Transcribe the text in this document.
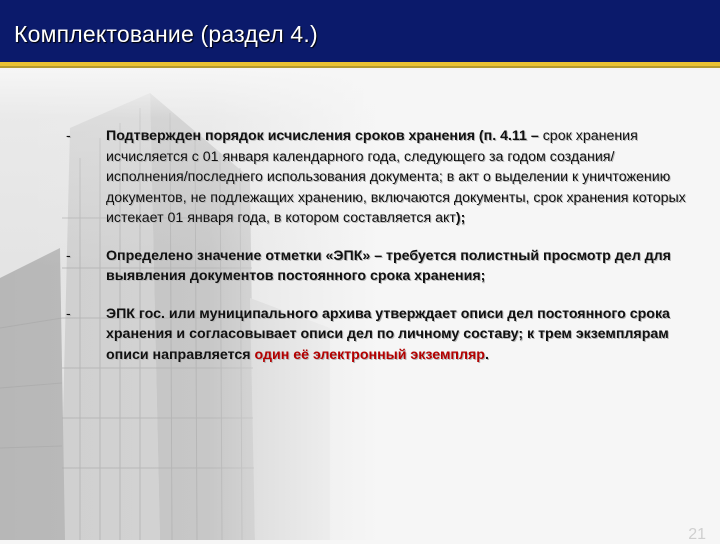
Комплектование (раздел 4.)
- Подтвержден порядок исчисления сроков хранения (п. 4.11 – срок хранения исчисляется с 01 января календарного года, следующего за годом создания/исполнения/последнего использования документа; в акт о выделении к уничтожению документов, не подлежащих хранению, включаются документы, срок хранения которых истекает 01 января года, в котором составляется акт);
- Определено значение отметки «ЭПК» – требуется полистный просмотр дел для выявления документов постоянного срока хранения;
- ЭПК гос. или муниципального архива утверждает описи дел постоянного срока хранения и согласовывает описи дел по личному составу; к трем экземплярам описи направляется один её электронный экземпляр.
21
